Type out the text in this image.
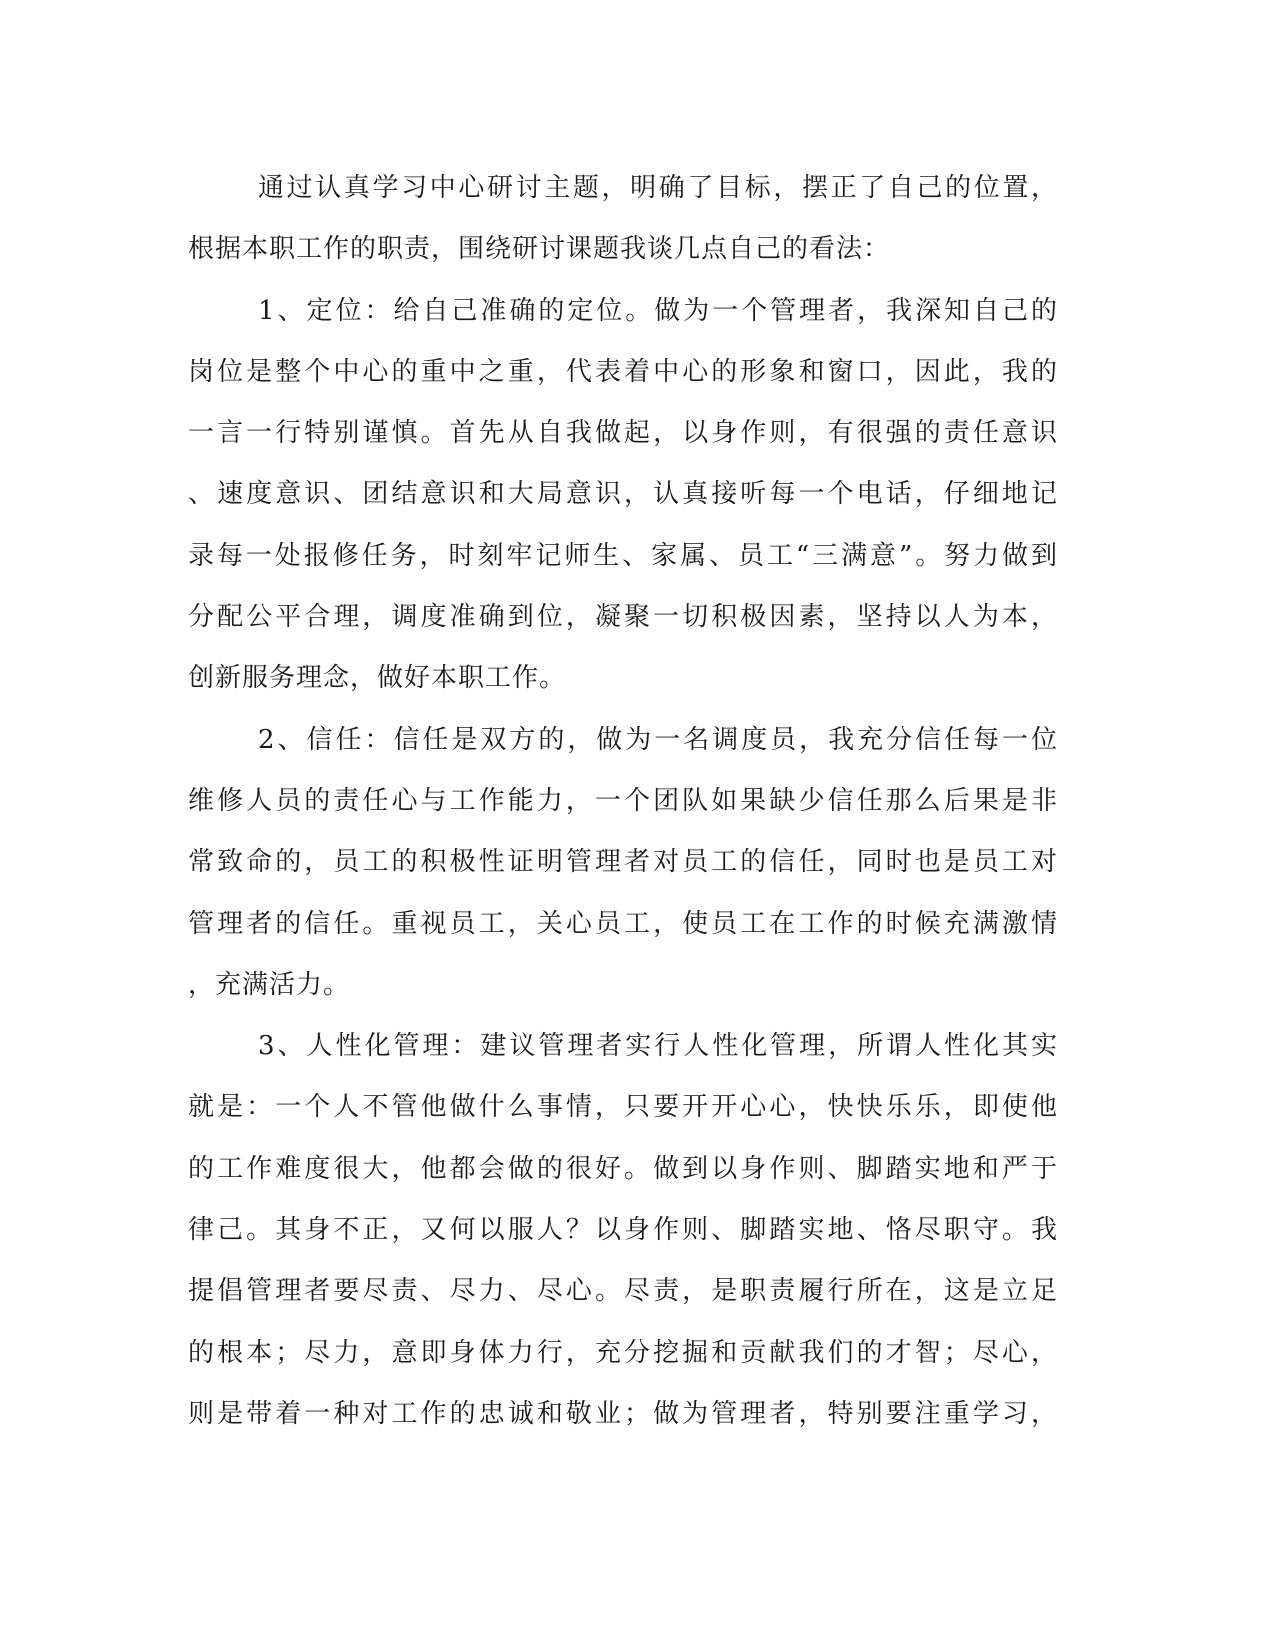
通过认真学习中心研讨主题，明确了目标，摆正了自己的位置，
根据本职工作的职责，围绕研讨课题我谈几点自己的看法：
1、定位：给自己准确的定位。做为一个管理者，我深知自己的
岗位是整个中心的重中之重，代表着中心的形象和窗口，因此，我的
一言一行特别谨慎。首先从自我做起，以身作则，有很强的责任意识
、速度意识、团结意识和大局意识，认真接听每一个电话，仔细地记
录每一处报修任务，时刻牢记师生、家属、员工“三满意”。努力做到
分配公平合理，调度准确到位，凝聚一切积极因素，坚持以人为本，
创新服务理念，做好本职工作。
2、信任：信任是双方的，做为一名调度员，我充分信任每一位
维修人员的责任心与工作能力，一个团队如果缺少信任那么后果是非
常致命的，员工的积极性证明管理者对员工的信任，同时也是员工对
管理者的信任。重视员工，关心员工，使员工在工作的时候充满激情
，充满活力。
3、人性化管理：建议管理者实行人性化管理，所谓人性化其实
就是：一个人不管他做什么事情，只要开开心心，快快乐乐，即使他
的工作难度很大，他都会做的很好。做到以身作则、脚踏实地和严于
律己。其身不正，又何以服人？以身作则、脚踏实地、恪尽职守。我
提倡管理者要尽责、尽力、尽心。尽责，是职责履行所在，这是立足
的根本；尽力，意即身体力行，充分挖掘和贡献我们的才智；尽心，
则是带着一种对工作的忠诚和敬业；做为管理者，特别要注重学习，
